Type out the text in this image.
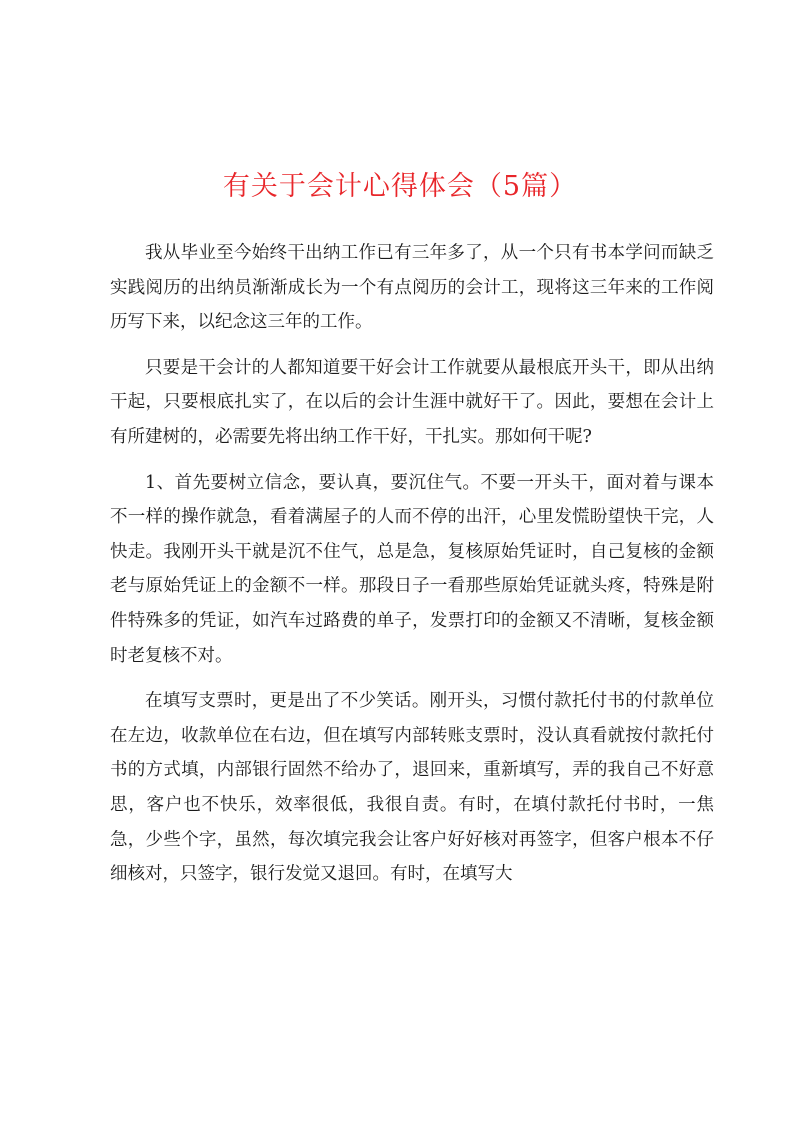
有关于会计心得体会（5篇）

我从毕业至今始终干出纳工作已有三年多了，从一个只有书本学问而缺乏实践阅历的出纳员渐渐成长为一个有点阅历的会计工，现将这三年来的工作阅历写下来，以纪念这三年的工作。

只要是干会计的人都知道要干好会计工作就要从最根底开头干，即从出纳干起，只要根底扎实了，在以后的会计生涯中就好干了。因此，要想在会计上有所建树的，必需要先将出纳工作干好，干扎实。那如何干呢?

1、首先要树立信念，要认真，要沉住气。不要一开头干，面对着与课本不一样的操作就急，看着满屋子的人而不停的出汗，心里发慌盼望快干完，人快走。我刚开头干就是沉不住气，总是急，复核原始凭证时，自己复核的金额老与原始凭证上的金额不一样。那段日子一看那些原始凭证就头疼，特殊是附件特殊多的凭证，如汽车过路费的单子，发票打印的金额又不清晰，复核金额时老复核不对。

在填写支票时，更是出了不少笑话。刚开头，习惯付款托付书的付款单位在左边，收款单位在右边，但在填写内部转账支票时，没认真看就按付款托付书的方式填，内部银行固然不给办了，退回来，重新填写，弄的我自己不好意思，客户也不快乐，效率很低，我很自责。有时，在填付款托付书时，一焦急，少些个字，虽然，每次填完我会让客户好好核对再签字，但客户根本不仔细核对，只签字，银行发觉又退回。有时，在填写大
